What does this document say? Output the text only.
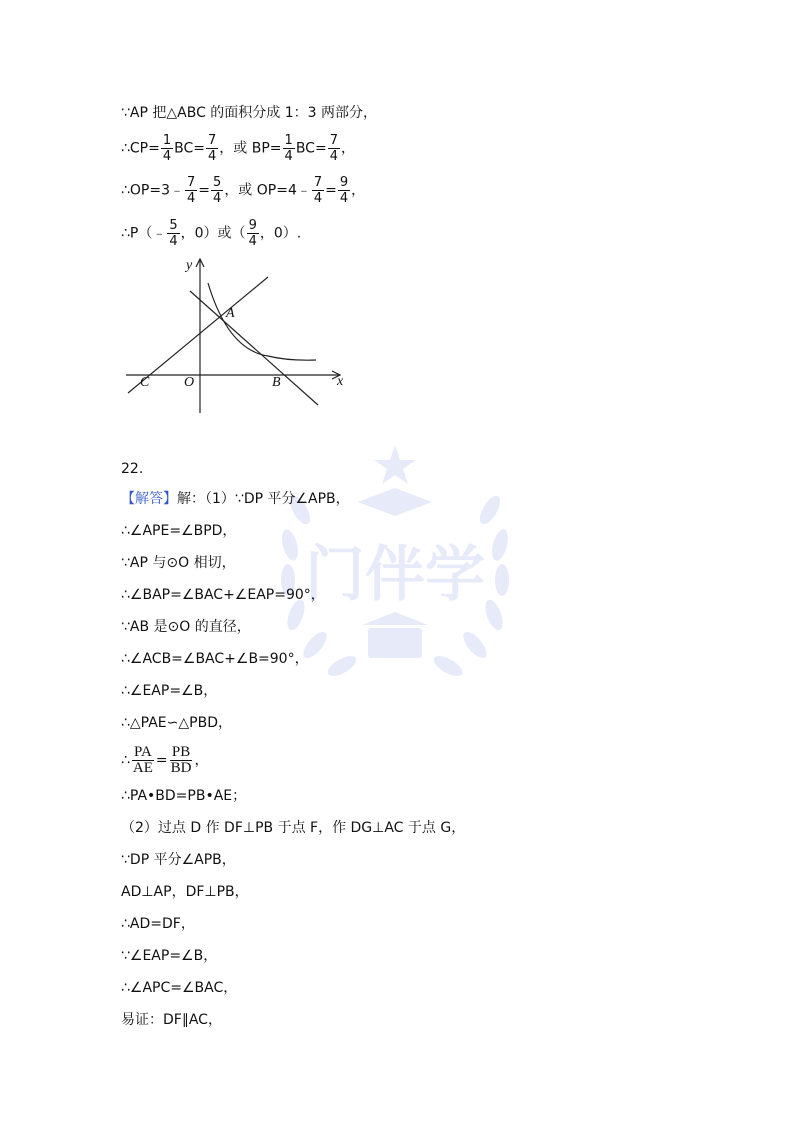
∵AP 把△ABC 的面积分成 1：3 两部分，
∴CP= $\frac{1}{4} BC= \frac{7}{4}$ ，或 $BP= \frac{1}{4} BC= \frac{7}{4}$ ，
∴OP=3﹣ $\frac{7}{4} = \frac{5}{4}$ ，或 OP=4﹣ $\frac{7}{4} = \frac{9}{4}$ ，
∴P（﹣ $\frac{5}{4}$ ，0）或（ $\frac{9}{4}$ ，0）.
y
x
A
B
C O
门伴学
22.
【解答】解：（1）∵DP 平分∠APB，
∴∠APE=∠BPD，
∵AP 与⊙O 相切，
∴∠BAP=∠BAC+∠EAP=90°，
∵AB 是⊙O 的直径，
∴∠ACB=∠BAC+∠B=90°，
∴∠EAP=∠B，
∴△PAE∽△PBD，
∴ $\frac{PA}{AE} = \frac{PB}{BD}$ ，
∴PA•BD=PB•AE；
（2）过点 D 作 DF⊥PB 于点 F，作 DG⊥AC 于点 G，
∵DP 平分∠APB，
AD⊥AP，DF⊥PB，
∴AD=DF，
∵∠EAP=∠B，
∴∠APC=∠BAC，
易证：DF∥AC，
